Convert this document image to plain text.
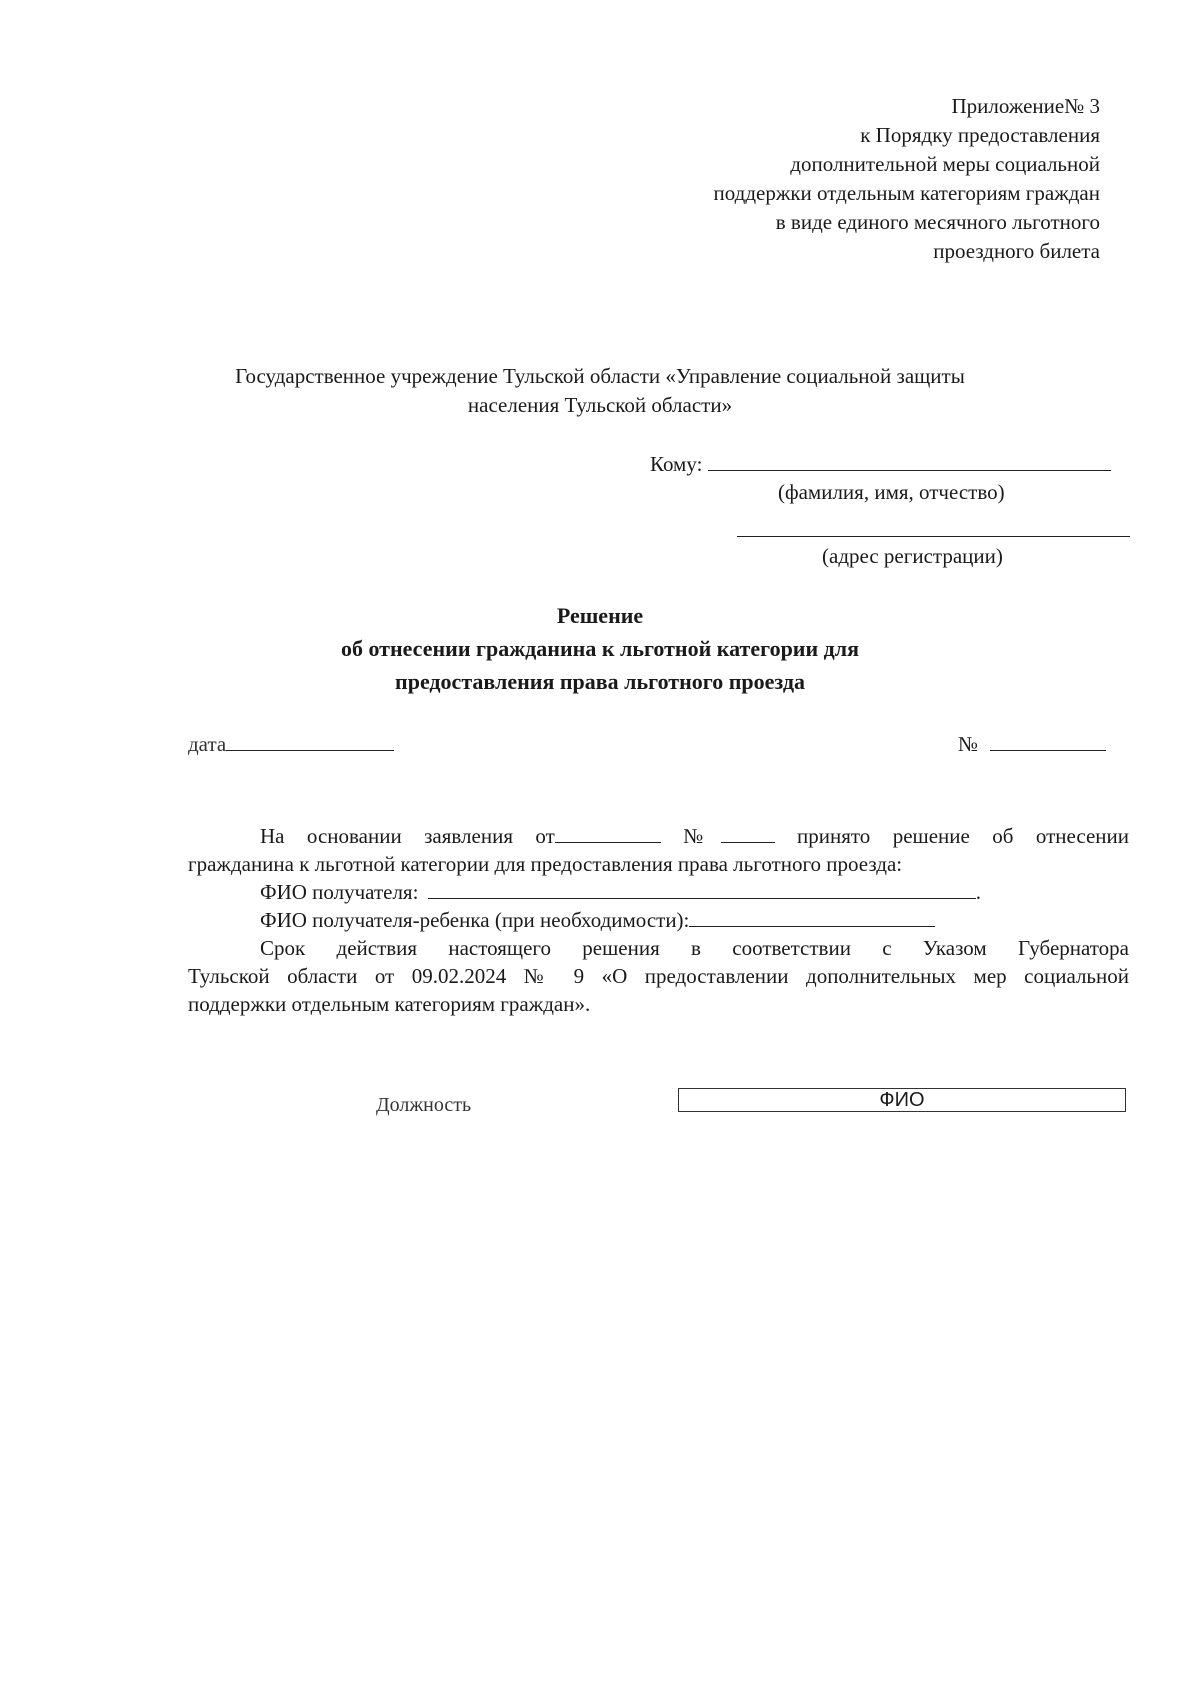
Приложение№ 3
к Порядку предоставления
дополнительной меры социальной
поддержки отдельным категориям граждан
в виде единого месячного льготного
проездного билета
Государственное учреждение Тульской области «Управление социальной защиты
населения Тульской области»
Кому:
(фамилия, имя, отчество)
(адрес регистрации)
Решение
об отнесении гражданина к льготной категории для
предоставления права льготного проезда
дата	№
На основании заявления от	№	принято решение об отнесении
гражданина к льготной категории для предоставления права льготного проезда:
ФИО получателя:	.
ФИО получателя-ребенка (при необходимости):
Срок действия настоящего решения в соответствии с Указом Губернатора
Тульской области от 09.02.2024 № 9 «О предоставлении дополнительных мер социальной
поддержки отдельным категориям граждан».
Должность	ФИО
